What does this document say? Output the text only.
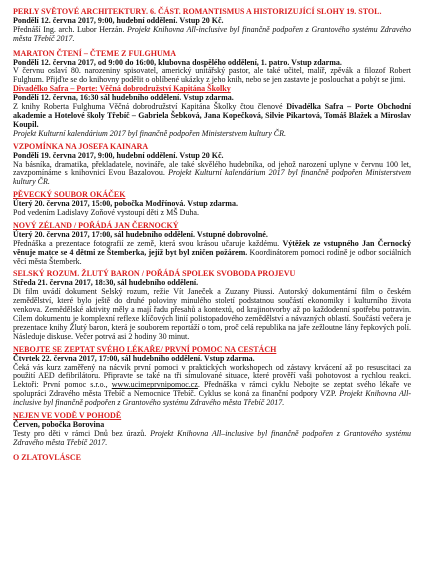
PERLY SVĚTOVÉ ARCHITEKTURY. 6. ČÁST. ROMANTISMUS A HISTORIZUJÍCÍ SLOHY 19. STOL.

Pondělí 12. června 2017, 9:00, hudební oddělení. Vstup 20 Kč.

Přednáší Ing. arch. Lubor Herzán. Projekt Knihovna All-inclusive byl finančně podpořen z Grantového systému Zdravého města Třebíč 2017.

MARATON ČTENÍ – ČTEME Z FULGHUMA

Pondělí 12. června 2017, od 9:00 do 16:00, klubovna dospělého oddělení, 1. patro. Vstup zdarma.

V červnu oslaví 80. narozeniny spisovatel, americký unitářský pastor, ale také učitel, malíř, zpěvák a filozof Robert Fulghum. Přijďte se do knihovny podělit o oblíbené ukázky z jeho knih, nebo se jen zastavte je poslouchat a pobýt se jimi.

Divadélko Safra – Porte: Věčná dobrodružství Kapitána Školky

Pondělí 12. června, 16:30 sál hudebního oddělení. Vstup zdarma.

Z knihy Roberta Fulghuma Věčná dobrodružství Kapitána Školky čtou členové Divadélka Safra – Porte Obchodní akademie a Hotelové školy Třebíč – Gabriela Šebková, Jana Kopečková, Silvie Pikartová, Tomáš Blažek a Miroslav Koupil.

Projekt Kulturní kalendárium 2017 byl finančně podpořen Ministerstvem kultury ČR.

VZPOMÍNKA NA JOSEFA KAINARA

Pondělí 19. června 2017, 9:00, hudební oddělení. Vstup 20 Kč.

Na básníka, dramatika, překladatele, novináře, ale také skvělého hudebníka, od jehož narození uplyne v červnu 100 let, zavzpomínáme s knihovnicí Evou Bazalovou. Projekt Kulturní kalendárium 2017 byl finančně podpořen Ministerstvem kultury ČR.

PĚVECKÝ SOUBOR OKÁČEK

Úterý 20. června 2017, 15:00, pobočka Modřínová. Vstup zdarma.

Pod vedením Ladislavy Zoňové vystoupí děti z MŠ Duha.

NOVÝ ZÉLAND / POŘÁDÁ JAN ČERNOCKÝ

Úterý 20. června 2017, 17:00, sál hudebního oddělení. Vstupné dobrovolné.

Přednáška a prezentace fotografií ze země, která svou krásou učaruje každému. Výtěžek ze vstupného Jan Černocký věnuje matce se 4 dětmi ze Štemberka, jejíž byt byl zničen požárem. Koordinátorem pomoci rodině je odbor sociálních věcí města Štemberk.

SELSKÝ ROZUM. ŽLUTÝ BARON / POŘÁDÁ SPOLEK SVOBODA PROJEVU

Středa 21. června 2017, 18:30, sál hudebního oddělení.

Di film uvádí dokument Selský rozum, režie Vít Janeček a Zuzany Piussi. Autorský dokumentární film o českém zemědělství, které bylo ještě do druhé poloviny minulého století podstatnou součástí ekonomiky i kulturního života venkova. Zemědělské aktivity měly a mají řadu přesahů a kontextů, od krajinotvorby až po každodenní spotřebu potravin. Cílem dokumentu je komplexní reflexe klíčových linií polistopadového zemědělství a návazných oblastí. Součástí večera je prezentace knihy Žlutý baron, která je souborem reportáží o tom, proč celá republika na jaře zežloutne lány řepkových polí. Následuje diskuse. Večer potrvá asi 2 hodiny 30 minut.

NEBOJTE SE ZEPTAT SVÉHO LÉKAŘE/ PRVNÍ POMOC NA CESTÁCH

Čtvrtek 22. června 2017, 17:00, sál hudebního oddělení. Vstup zdarma.

Čeká vás kurz zaměřený na nácvik první pomoci v praktických workshopech od zástavy krvácení až po resuscitaci za použití AED defibrilátoru. Připravte se také na tři simulované situace, které prověří vaši pohotovost a rychlou reakci. Lektoři: První pomoc s.r.o., www.ucimeprvnipomoc.cz. Přednáška v rámci cyklu Nebojte se zeptat svého lékaře ve spolupráci Zdravého města Třebíč a Nemocnice Třebíč. Cyklus se koná za finanční podpory VZP. Projekt Knihovna All-inclusive byl finančně podpořen z Grantového systému Zdravého města Třebíč 2017.

NEJEN VE VODĚ V POHODĚ

Červen, pobočka Borovina

Testy pro děti v rámci Dnů bez úrazů. Projekt Knihovna All–inclusive byl finančně podpořen z Grantového systému Zdravého města Třebíč 2017.

O ZLATOVLÁSCE
